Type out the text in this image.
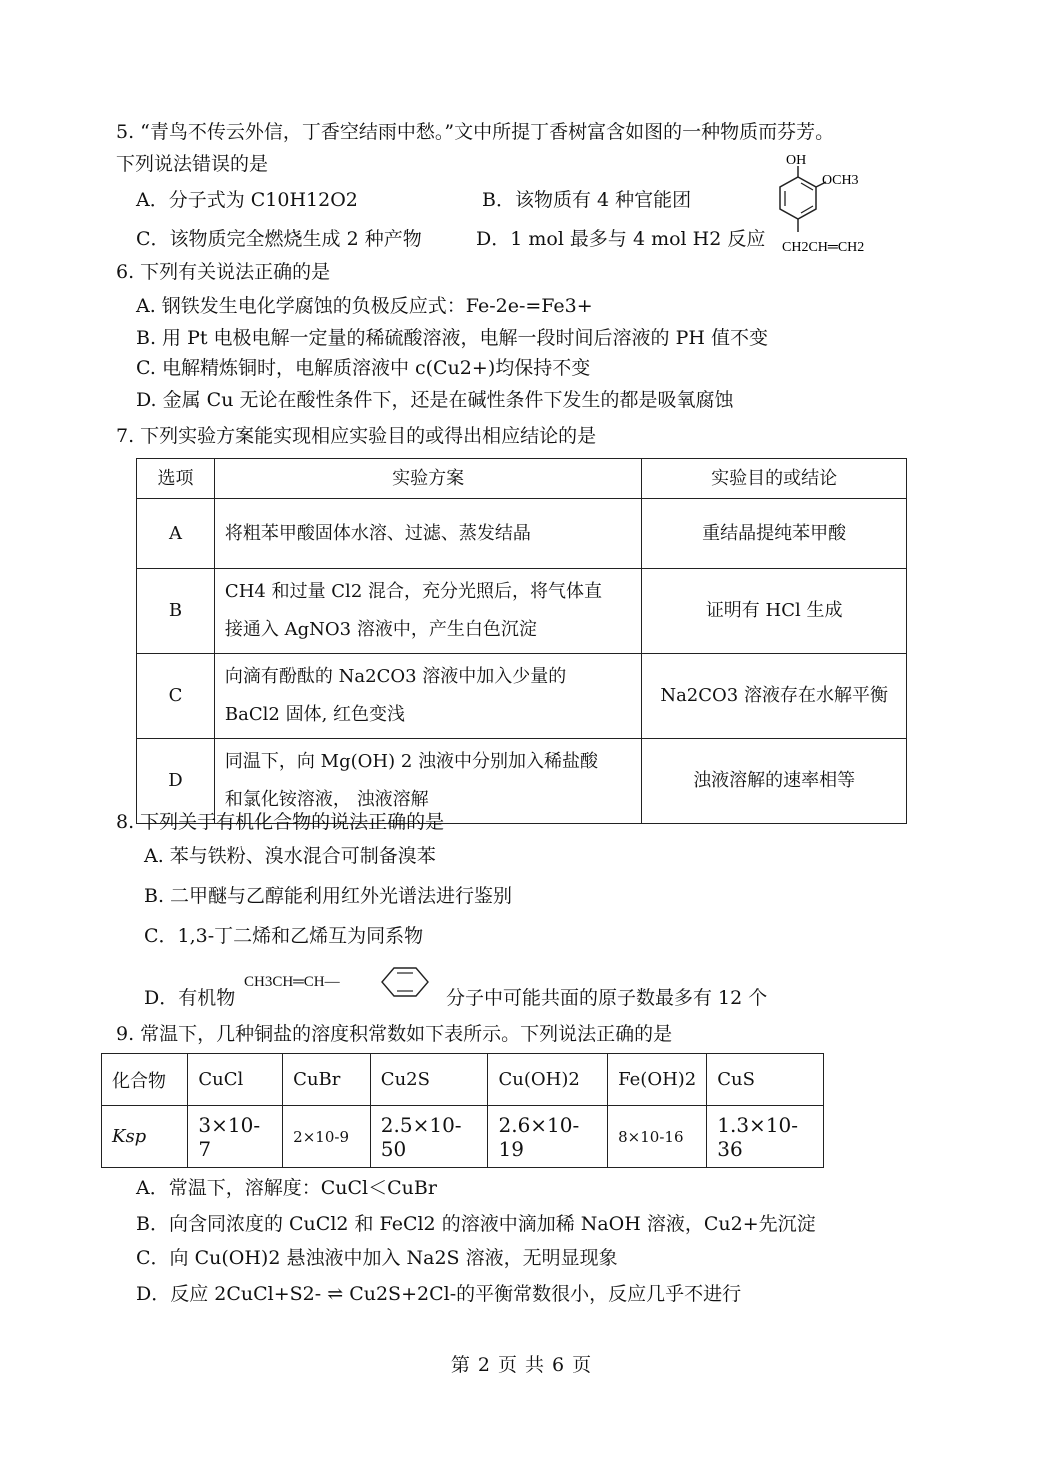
5. “青鸟不传云外信，丁香空结雨中愁。”文中所提丁香树富含如图的一种物质而芬芳。
下列说法错误的是
A．分子式为 C10H12O2	B．该物质有 4 种官能团
C．该物质完全燃烧生成 2 种产物	D．1 mol 最多与 4 mol H2 反应
OH
OCH3
CH2CH═CH2
6. 下列有关说法正确的是
A. 钢铁发生电化学腐蚀的负极反应式：Fe-2e-=Fe3+
B. 用 Pt 电极电解一定量的稀硫酸溶液，电解一段时间后溶液的 PH 值不变
C. 电解精炼铜时，电解质溶液中 c(Cu2+)均保持不变
D. 金属 Cu 无论在酸性条件下，还是在碱性条件下发生的都是吸氧腐蚀
7. 下列实验方案能实现相应实验目的或得出相应结论的是
选项	实验方案	实验目的或结论
A	将粗苯甲酸固体水溶、过滤、蒸发结晶	重结晶提纯苯甲酸
B	CH4 和过量 Cl2 混合，充分光照后，将气体直
接通入 AgNO3 溶液中，产生白色沉淀	证明有 HCl 生成
C	向滴有酚酞的 Na2CO3 溶液中加入少量的
BaCl2 固体, 红色变浅	Na2CO3 溶液存在水解平衡
D	同温下，向 Mg(OH) 2 浊液中分别加入稀盐酸
和氯化铵溶液， 浊液溶解	浊液溶解的速率相等
8. 下列关于有机化合物的说法正确的是
A. 苯与铁粉、溴水混合可制备溴苯
B. 二甲醚与乙醇能利用红外光谱法进行鉴别
C．1,3-丁二烯和乙烯互为同系物
D．有机物
CH3CH═CH—
分子中可能共面的原子数最多有 12 个
9. 常温下，几种铜盐的溶度积常数如下表所示。下列说法正确的是
化合物	CuCl	CuBr	Cu2S	Cu(OH)2	Fe(OH)2	CuS
Ksp	3×10-7	2×10-9	2.5×10-50	2.6×10-19	8×10-16	1.3×10-36
A．常温下，溶解度：CuCl＜CuBr
B．向含同浓度的 CuCl2 和 FeCl2 的溶液中滴加稀 NaOH 溶液，Cu2+先沉淀
C．向 Cu(OH)2 悬浊液中加入 Na2S 溶液，无明显现象
D．反应 2CuCl+S2- ⇌ Cu2S+2Cl-的平衡常数很小，反应几乎不进行
第 2 页 共 6 页
